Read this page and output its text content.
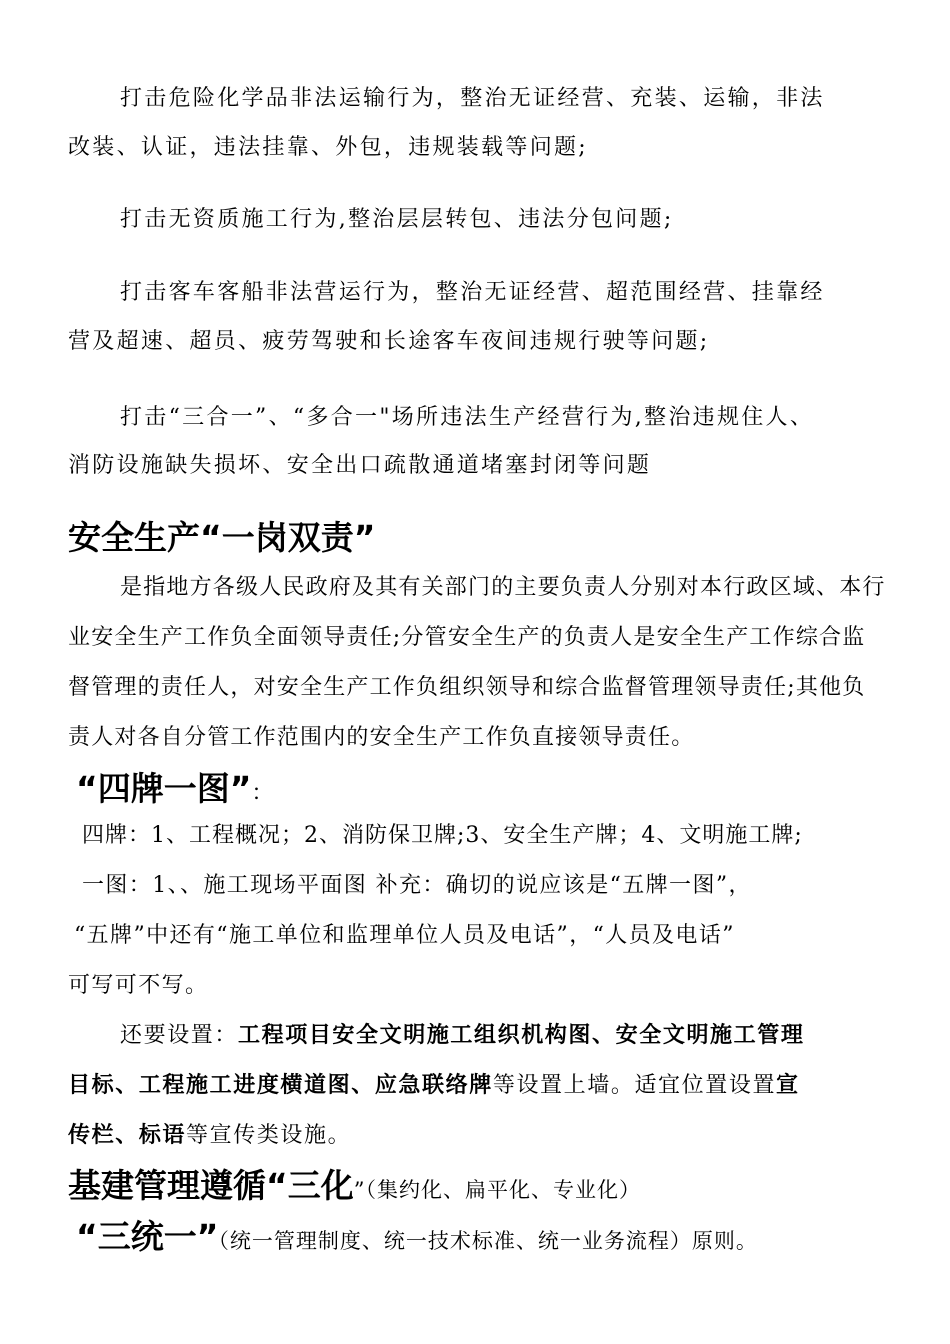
打击危险化学品非法运输行为，整治无证经营、充装、运输，非法

改装、认证，违法挂靠、外包，违规装载等问题;

打击无资质施工行为,整治层层转包、违法分包问题;

打击客车客船非法营运行为，整治无证经营、超范围经营、挂靠经

营及超速、超员、疲劳驾驶和长途客车夜间违规行驶等问题;

打击“三合一”、“多合一"场所违法生产经营行为,整治违规住人、

消防设施缺失损坏、安全出口疏散通道堵塞封闭等问题

安全生产“一岗双责”

是指地方各级人民政府及其有关部门的主要负责人分别对本行政区域、本行

业安全生产工作负全面领导责任;分管安全生产的负责人是安全生产工作综合监

督管理的责任人，对安全生产工作负组织领导和综合监督管理领导责任;其他负

责人对各自分管工作范围内的安全生产工作负直接领导责任。

“四牌一图”：

四牌：1、工程概况；2、消防保卫牌;3、安全生产牌；4、文明施工牌;

一图：1、、施工现场平面图 补充：确切的说应该是“五牌一图”，

“五牌”中还有“施工单位和监理单位人员及电话”，“人员及电话”

可写可不写。

还要设置：工程项目安全文明施工组织机构图、安全文明施工管理

目标、工程施工进度横道图、应急联络牌等设置上墙。适宜位置设置宣

传栏、标语等宣传类设施。

基建管理遵循“三化”（集约化、扁平化、专业化）
“三统一”（统一管理制度、统一技术标准、统一业务流程）原则。
